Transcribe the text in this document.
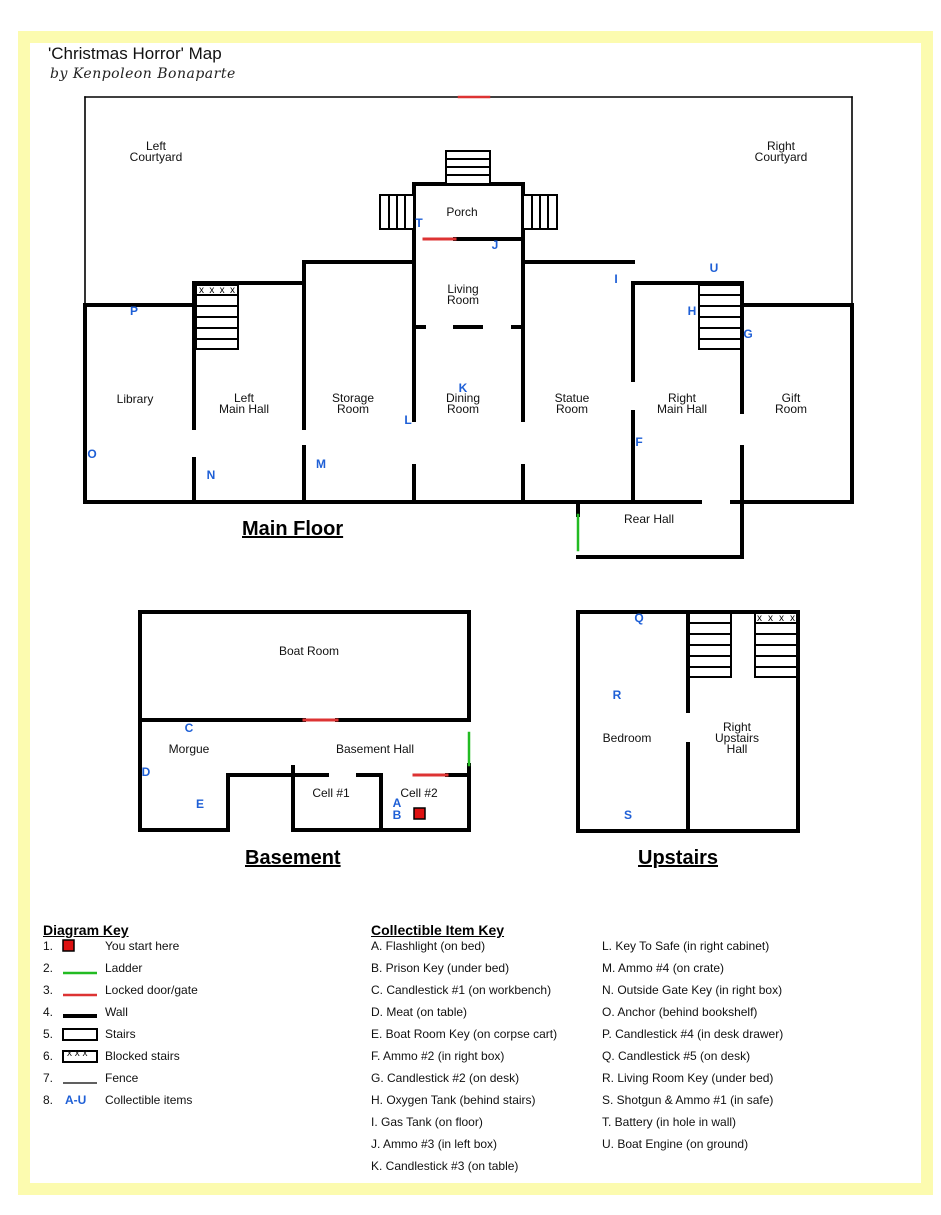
'Christmas Horror' Map
by Kenpoleon Bonaparte
x x x x
x x x x
Left Courtyard
Right Courtyard
Porch
Living Room
Library	Left Main Hall
Storage Room
Dining Room
Statue Room
Right Main Hall
Gift Room
Rear Hall
Boat Room
Morgue	Basement Hall
Cell #1	Cell #2
Bedroom
Right Upstairs Hall
A
B
C
D
E
F
G
H
I
J
K
L
M
N
O
P
Q
R
S
T
U
Main Floor
Basement	Upstairs
Diagram Key
1.	You start here
2.	Ladder
3.	Locked door/gate
4.	Wall
5.	Stairs
6. x x x Blocked stairs
7.	Fence
8. A-U Collectible items
Collectible Item Key
A. Flashlight (on bed)
B. Prison Key (under bed)
C. Candlestick #1 (on workbench)
D. Meat (on table)
E. Boat Room Key (on corpse cart)
F. Ammo #2 (in right box)
G. Candlestick #2 (on desk)
H. Oxygen Tank (behind stairs)
I. Gas Tank (on floor)
J. Ammo #3 (in left box)
K. Candlestick #3 (on table)
L. Key To Safe (in right cabinet)
M. Ammo #4 (on crate)
N. Outside Gate Key (in right box)
O. Anchor (behind bookshelf)
P. Candlestick #4 (in desk drawer)
Q. Candlestick #5 (on desk)
R. Living Room Key (under bed)
S. Shotgun & Ammo #1 (in safe)
T. Battery (in hole in wall)
U. Boat Engine (on ground)
